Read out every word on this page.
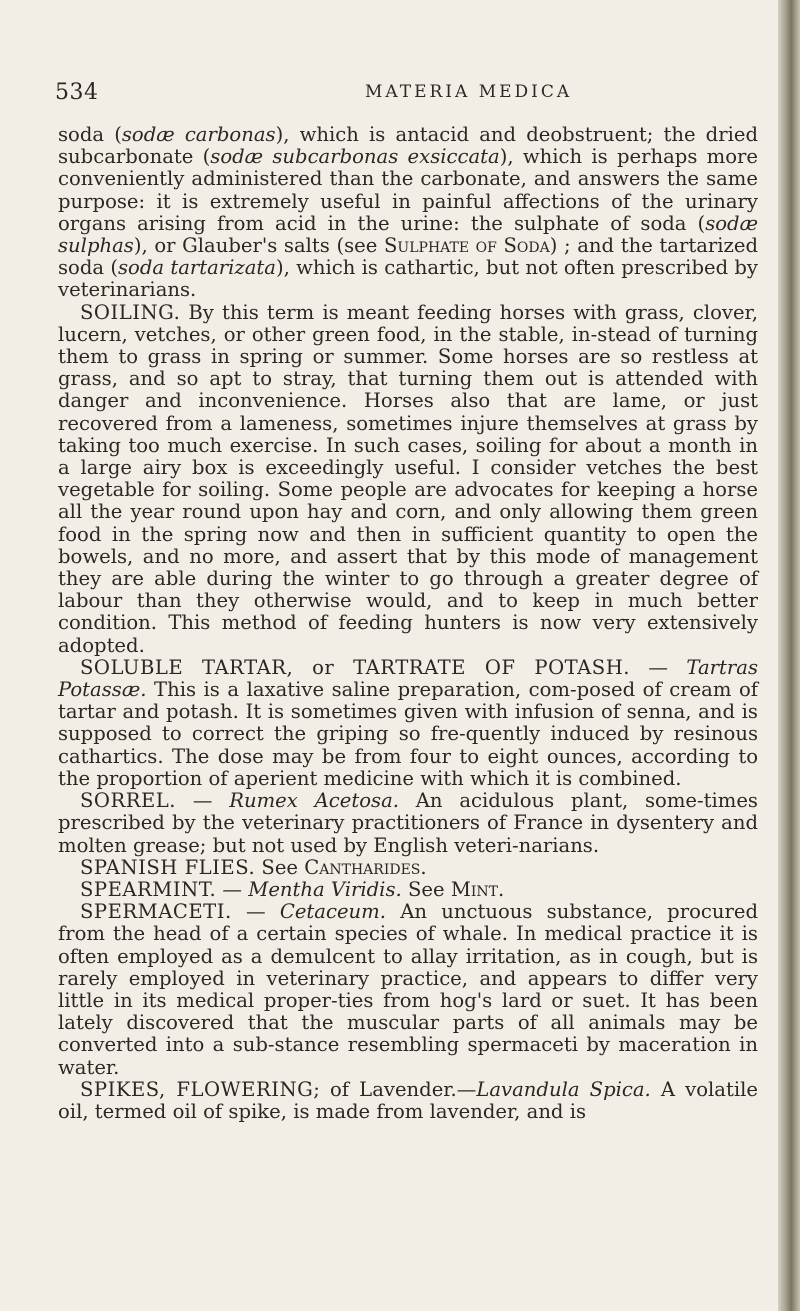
534	MATERIA MEDICA

soda (sodæ carbonas), which is antacid and deobstruent; the dried subcarbonate (sodæ subcarbonas exsiccata), which is perhaps more conveniently administered than the carbonate, and answers the same purpose: it is extremely useful in painful affections of the urinary organs arising from acid in the urine: the sulphate of soda (sodæ sulphas), or Glauber's salts (see Sulphate of Soda) ; and the tartarized soda (soda tartarizata), which is cathartic, but not often prescribed by veterinarians.

SOILING. By this term is meant feeding horses with grass, clover, lucern, vetches, or other green food, in the stable, in-stead of turning them to grass in spring or summer. Some horses are so restless at grass, and so apt to stray, that turning them out is attended with danger and inconvenience. Horses also that are lame, or just recovered from a lameness, sometimes injure themselves at grass by taking too much exercise. In such cases, soiling for about a month in a large airy box is exceedingly useful. I consider vetches the best vegetable for soiling. Some people are advocates for keeping a horse all the year round upon hay and corn, and only allowing them green food in the spring now and then in sufficient quantity to open the bowels, and no more, and assert that by this mode of management they are able during the winter to go through a greater degree of labour than they otherwise would, and to keep in much better condition. This method of feeding hunters is now very extensively adopted.

SOLUBLE TARTAR, or TARTRATE OF POTASH. — Tartras Potassæ. This is a laxative saline preparation, com-posed of cream of tartar and potash. It is sometimes given with infusion of senna, and is supposed to correct the griping so fre-quently induced by resinous cathartics. The dose may be from four to eight ounces, according to the proportion of aperient medicine with which it is combined.

SORREL. — Rumex Acetosa. An acidulous plant, some-times prescribed by the veterinary practitioners of France in dysentery and molten grease; but not used by English veteri-narians.

SPANISH FLIES. See Cantharides.

SPEARMINT. — Mentha Viridis. See Mint.

SPERMACETI. — Cetaceum. An unctuous substance, procured from the head of a certain species of whale. In medical practice it is often employed as a demulcent to allay irritation, as in cough, but is rarely employed in veterinary practice, and appears to differ very little in its medical proper-ties from hog's lard or suet. It has been lately discovered that the muscular parts of all animals may be converted into a sub-stance resembling spermaceti by maceration in water.

SPIKES, FLOWERING; of Lavender.—Lavandula Spica. A volatile oil, termed oil of spike, is made from lavender, and is
